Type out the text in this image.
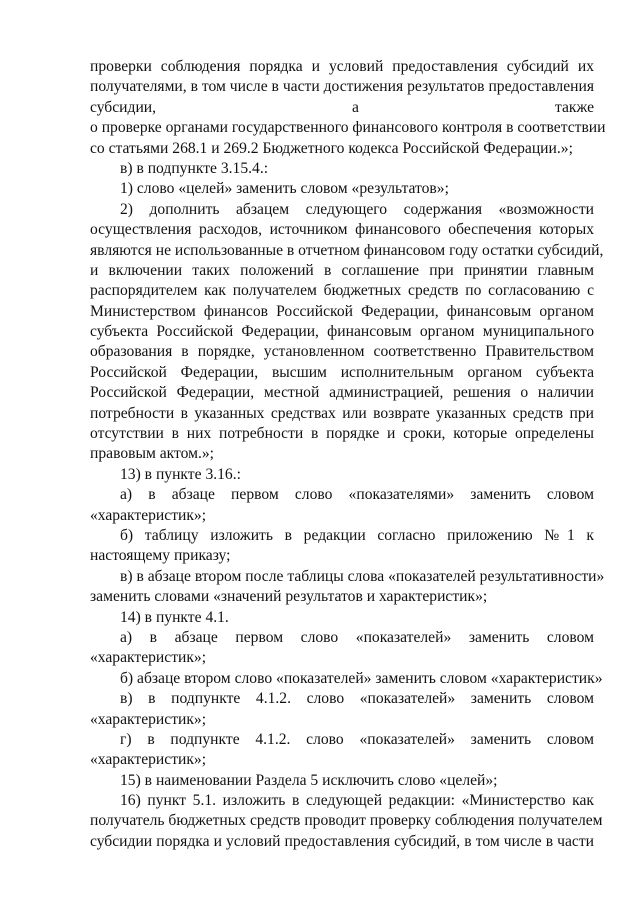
проверки соблюдения порядка и условий предоставления субсидий их
получателями, в том числе в части достижения результатов предоставления
субсидии, а также
о проверке органами государственного финансового контроля в соответствии
со статьями 268.1 и 269.2 Бюджетного кодекса Российской Федерации.»;
в) в подпункте 3.15.4.:
1) слово «целей» заменить словом «результатов»;
2) дополнить абзацем следующего содержания «возможности
осуществления расходов, источником финансового обеспечения которых
являются не использованные в отчетном финансовом году остатки субсидий,
и включении таких положений в соглашение при принятии главным
распорядителем как получателем бюджетных средств по согласованию с
Министерством финансов Российской Федерации, финансовым органом
субъекта Российской Федерации, финансовым органом муниципального
образования в порядке, установленном соответственно Правительством
Российской Федерации, высшим исполнительным органом субъекта
Российской Федерации, местной администрацией, решения о наличии
потребности в указанных средствах или возврате указанных средств при
отсутствии в них потребности в порядке и сроки, которые определены
правовым актом.»;
13) в пункте 3.16.:
а) в абзаце первом слово «показателями» заменить словом
«характеристик»;
б) таблицу изложить в редакции согласно приложению №1 к
настоящему приказу;
в) в абзаце втором после таблицы слова «показателей результативности»
заменить словами «значений результатов и характеристик»;
14) в пункте 4.1.
а) в абзаце первом слово «показателей» заменить словом
«характеристик»;
б) абзаце втором слово «показателей» заменить словом «характеристик»
в) в подпункте 4.1.2. слово «показателей» заменить словом
«характеристик»;
г) в подпункте 4.1.2. слово «показателей» заменить словом
«характеристик»;
15) в наименовании Раздела 5 исключить слово «целей»;
16) пункт 5.1. изложить в следующей редакции: «Министерство как
получатель бюджетных средств проводит проверку соблюдения получателем
субсидии порядка и условий предоставления субсидий, в том числе в части
